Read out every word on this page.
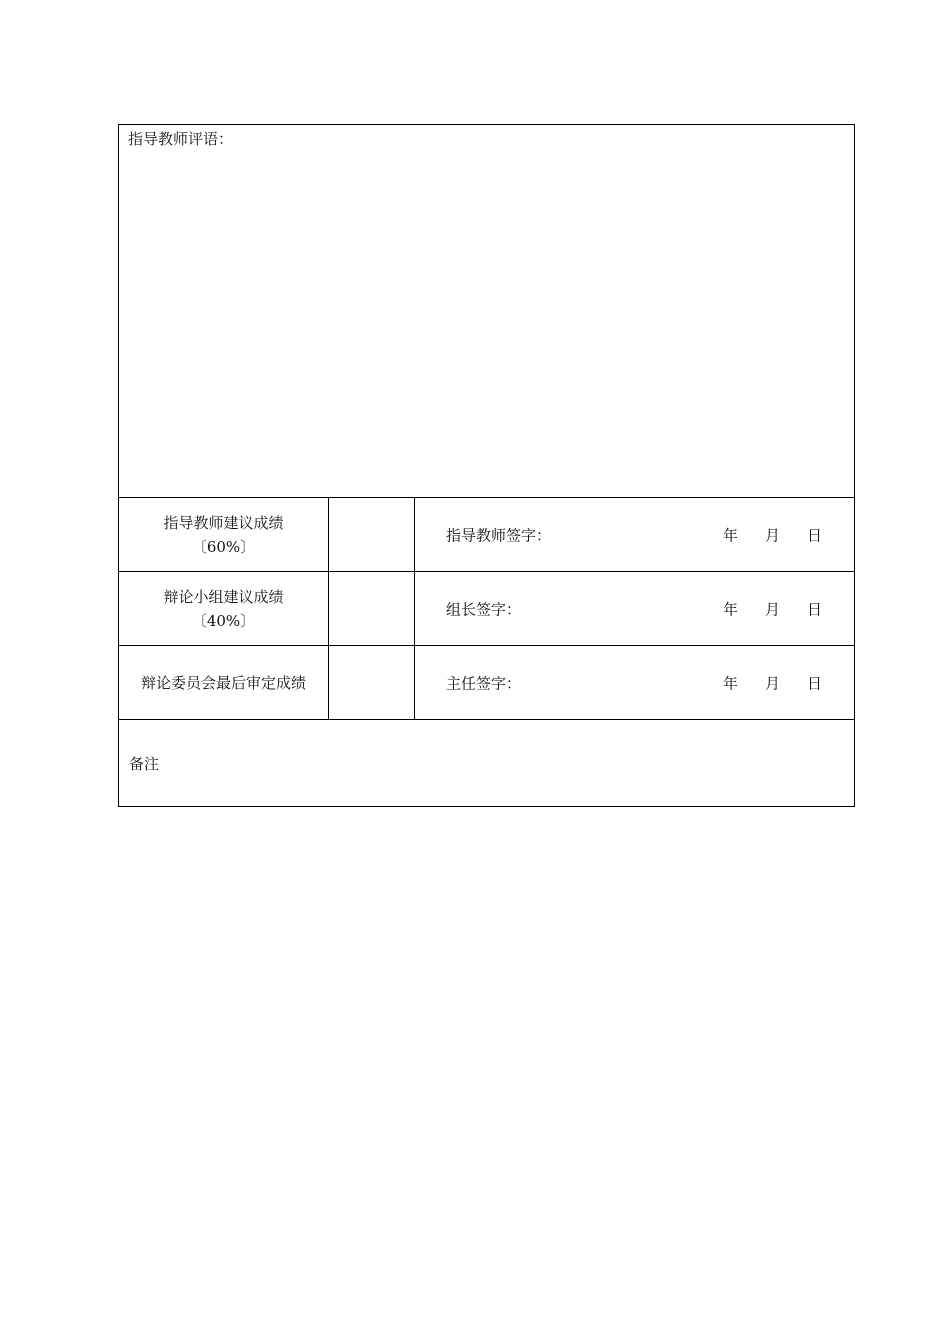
指导教师评语：		

指导教师建议成绩
〔60%〕		指导教师签字： 年 月 日

辩论小组建议成绩
〔40%〕		组长签字： 年 月 日

辩论委员会最后审定成绩		主任签字： 年 月 日

备注		
